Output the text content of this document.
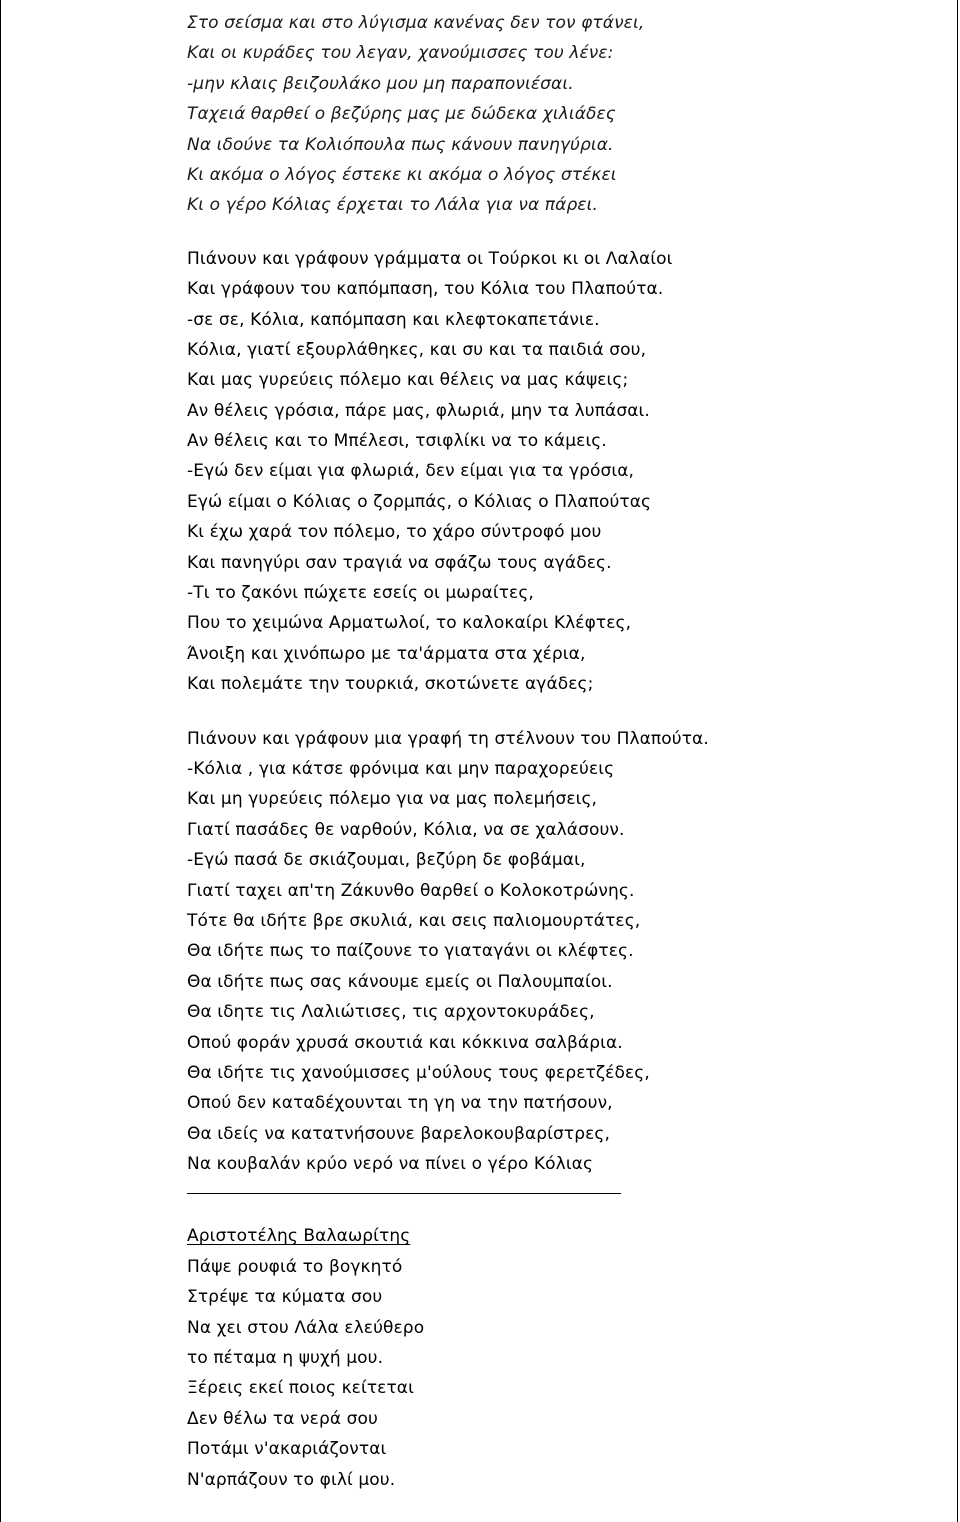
Στο σείσμα και στο λύγισμα κανένας δεν τον φτάνει,
Και οι κυράδες του λεγαν, χανούμισσες του λένε:
-μην κλαις βειζουλάκο μου μη παραπονιέσαι.
Ταχειά θαρθεί ο βεζύρης μας με δώδεκα χιλιάδες
Να ιδούνε τα Κολιόπουλα πως κάνουν πανηγύρια.
Κι ακόμα ο λόγος έστεκε κι ακόμα ο λόγος στέκει
Κι ο γέρο Κόλιας έρχεται το Λάλα για να πάρει.
Πιάνουν και γράφουν γράμματα οι Τούρκοι κι οι Λαλαίοι
Και γράφουν του καπόμπαση, του Κόλια του Πλαπούτα.
-σε σε, Κόλια, καπόμπαση και κλεφτοκαπετάνιε.
Κόλια, γιατί εξουρλάθηκες, και συ και τα παιδιά σου,
Και μας γυρεύεις πόλεμο και θέλεις να μας κάψεις;
Αν θέλεις γρόσια, πάρε μας, φλωριά, μην τα λυπάσαι.
Αν θέλεις και το Μπέλεσι, τσιφλίκι να το κάμεις.
-Εγώ δεν είμαι για φλωριά, δεν είμαι για τα γρόσια,
Εγώ είμαι ο Κόλιας ο ζορμπάς, ο Κόλιας ο Πλαπούτας
Κι έχω χαρά τον πόλεμο, το χάρο σύντροφό μου
Και πανηγύρι σαν τραγιά να σφάζω τους αγάδες.
-Τι το ζακόνι πώχετε εσείς οι μωραίτες,
Που το χειμώνα Αρματωλοί, το καλοκαίρι Κλέφτες,
Άνοιξη και χινόπωρο με τα'άρματα στα χέρια,
Και πολεμάτε την τουρκιά, σκοτώνετε αγάδες;
Πιάνουν και γράφουν μια γραφή τη στέλνουν του Πλαπούτα.
-Κόλια , για κάτσε φρόνιμα και μην παραχορεύεις
Και μη γυρεύεις πόλεμο για να μας πολεμήσεις,
Γιατί πασάδες θε ναρθούν, Κόλια, να σε χαλάσουν.
-Εγώ πασά δε σκιάζουμαι, βεζύρη δε φοβάμαι,
Γιατί ταχει απ'τη Ζάκυνθο θαρθεί ο Κολοκοτρώνης.
Τότε θα ιδήτε βρε σκυλιά, και σεις παλιομουρτάτες,
Θα ιδήτε πως το παίζουνε το γιαταγάνι οι κλέφτες.
Θα ιδήτε πως σας κάνουμε εμείς οι Παλουμπαίοι.
Θα ιδητε τις Λαλιώτισες, τις αρχοντοκυράδες,
Οπού φοράν χρυσά σκουτιά και κόκκινα σαλβάρια.
Θα ιδήτε τις χανούμισσες μ'ούλους τους φερετζέδες,
Οπού δεν καταδέχουνται τη γη να την πατήσουν,
Θα ιδείς να κατατνήσουνε βαρελοκουβαρίστρες,
Να κουβαλάν κρύο νερό να πίνει ο γέρο Κόλιας
Αριστοτέλης Βαλαωρίτης
Πάψε ρουφιά το βογκητό
Στρέψε τα κύματα σου
Να χει στου Λάλα ελεύθερο
το πέταμα η ψυχή μου.
Ξέρεις εκεί ποιος κείτεται
Δεν θέλω τα νερά σου
Ποτάμι ν'ακαριάζονται
Ν'αρπάζουν το φιλί μου.
